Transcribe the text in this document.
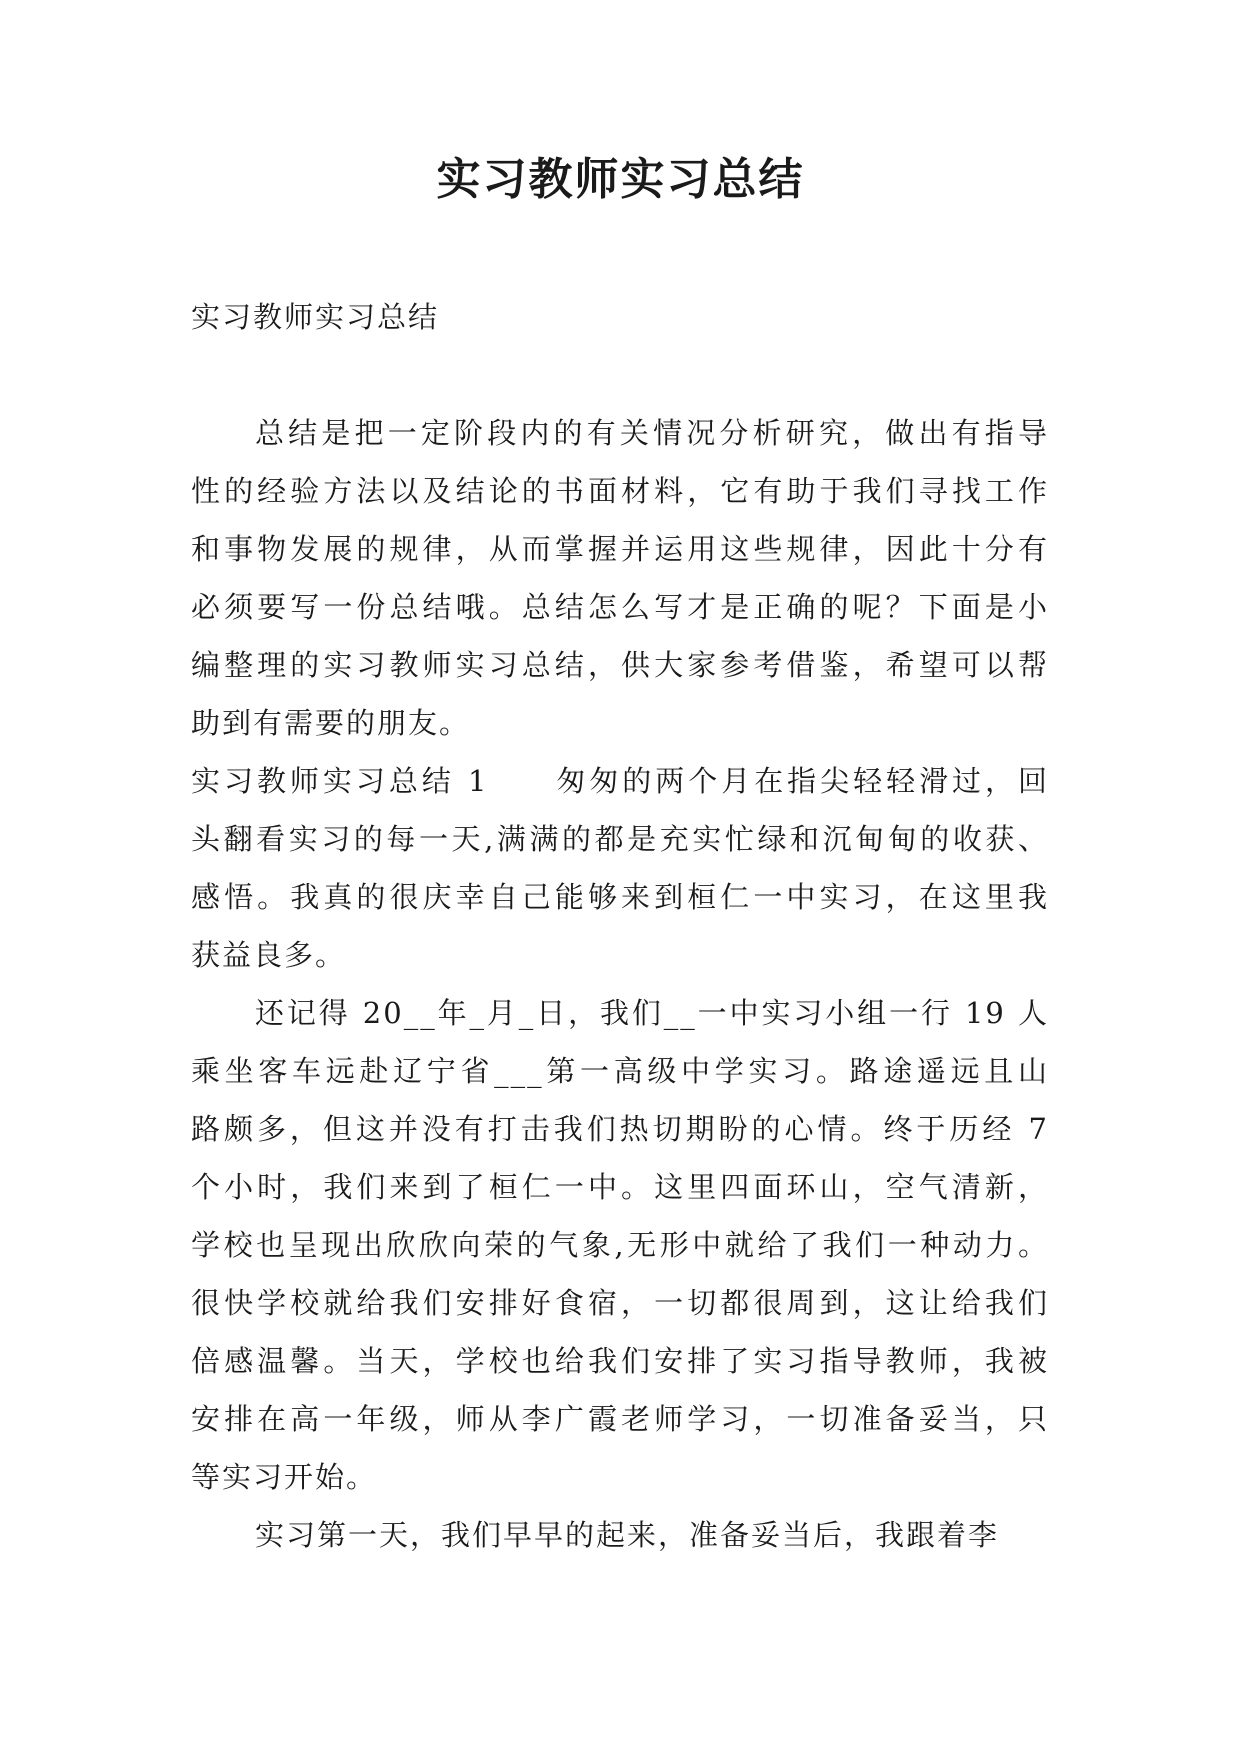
实习教师实习总结

实习教师实习总结

总结是把一定阶段内的有关情况分析研究，做出有指导
性的经验方法以及结论的书面材料，它有助于我们寻找工作
和事物发展的规律，从而掌握并运用这些规律，因此十分有
必须要写一份总结哦。总结怎么写才是正确的呢？下面是小
编整理的实习教师实习总结，供大家参考借鉴，希望可以帮
助到有需要的朋友。
实习教师实习总结 1　　匆匆的两个月在指尖轻轻滑过，回
头翻看实习的每一天,满满的都是充实忙绿和沉甸甸的收获、
感悟。我真的很庆幸自己能够来到桓仁一中实习，在这里我
获益良多。
还记得 20__年_月_日，我们__一中实习小组一行 19 人
乘坐客车远赴辽宁省___第一高级中学实习。路途遥远且山
路颇多，但这并没有打击我们热切期盼的心情。终于历经 7
个小时，我们来到了桓仁一中。这里四面环山，空气清新，
学校也呈现出欣欣向荣的气象,无形中就给了我们一种动力。
很快学校就给我们安排好食宿，一切都很周到，这让给我们
倍感温馨。当天，学校也给我们安排了实习指导教师，我被
安排在高一年级，师从李广霞老师学习，一切准备妥当，只
等实习开始。
实习第一天，我们早早的起来，准备妥当后，我跟着李
